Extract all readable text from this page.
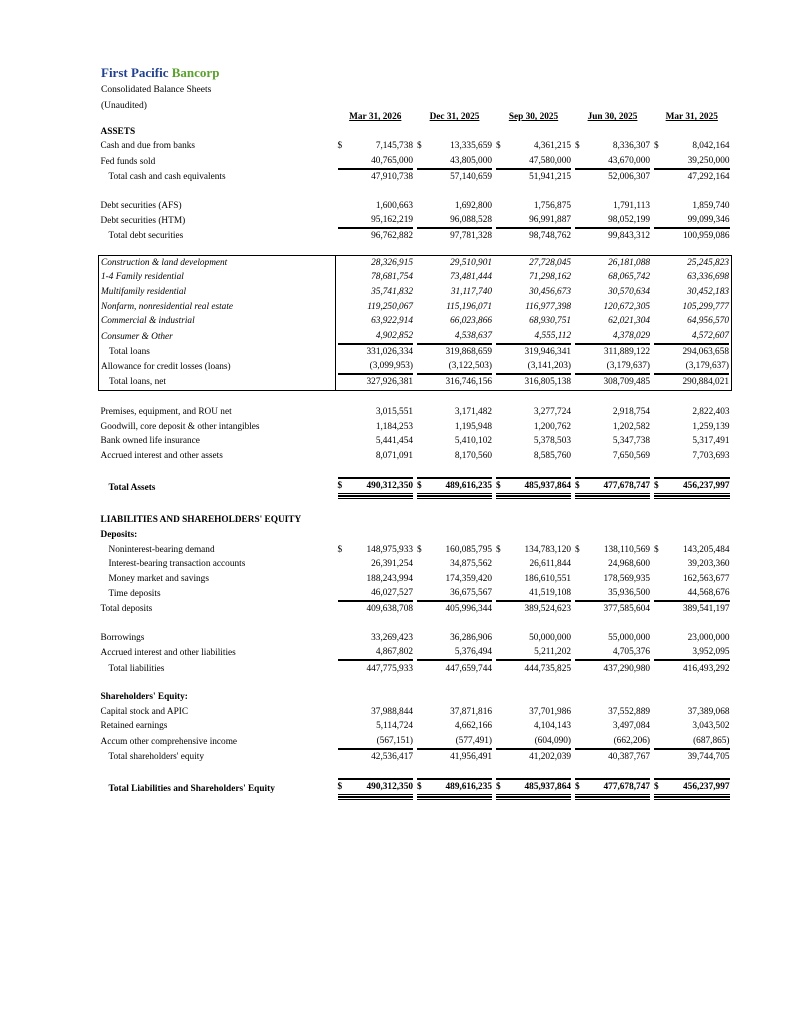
First Pacific Bancorp
Consolidated Balance Sheets
(Unaudited)
	Mar 31, 2026	Dec 31, 2025	Sep 30, 2025	Jun 30, 2025	Mar 31, 2025
ASSETS					
Cash and due from banks	$ 7,145,738	$ 13,335,659	$ 4,361,215	$ 8,336,307	$ 8,042,164
Fed funds sold	40,765,000	43,805,000	47,580,000	43,670,000	39,250,000

Total cash and cash equivalents	47,910,738	57,140,659	51,941,215	52,006,307	47,292,164

Debt securities (AFS)	1,600,663	1,692,800	1,756,875	1,791,113	1,859,740
Debt securities (HTM)	95,162,219	96,088,528	96,991,887	98,052,199	99,099,346

Total debt securities	96,762,882	97,781,328	98,748,762	99,843,312	100,959,086

Construction & land development	28,326,915	29,510,901	27,728,045	26,181,088	25,245,823
1-4 Family residential	78,681,754	73,481,444	71,298,162	68,065,742	63,336,698
Multifamily residential	35,741,832	31,117,740	30,456,673	30,570,634	30,452,183
Nonfarm, nonresidential real estate	119,250,067	115,196,071	116,977,398	120,672,305	105,299,777
Commercial & industrial	63,922,914	66,023,866	68,930,751	62,021,304	64,956,570
Consumer & Other	4,902,852	4,538,637	4,555,112	4,378,029	4,572,607

Total loans	331,026,334	319,868,659	319,946,341	311,889,122	294,063,658
Allowance for credit losses (loans)	(3,099,953)	(3,122,503)	(3,141,203)	(3,179,637)	(3,179,637)

Total loans, net	327,926,381	316,746,156	316,805,138	308,709,485	290,884,021

Premises, equipment, and ROU net	3,015,551	3,171,482	3,277,724	2,918,754	2,822,403
Goodwill, core deposit & other intangibles	1,184,253	1,195,948	1,200,762	1,202,582	1,259,139
Bank owned life insurance	5,441,454	5,410,102	5,378,503	5,347,738	5,317,491
Accrued interest and other assets	8,071,091	8,170,560	8,585,760	7,650,569	7,703,693

Total Assets	$ 490,312,350	$ 489,616,235	$ 485,937,864	$ 477,678,747	$ 456,237,997

LIABILITIES AND SHAREHOLDERS' EQUITY					
Deposits:					
Noninterest-bearing demand	$ 148,975,933	$ 160,085,795	$ 134,783,120	$ 138,110,569	$ 143,205,484
Interest-bearing transaction accounts	26,391,254	34,875,562	26,611,844	24,968,600	39,203,360
Money market and savings	188,243,994	174,359,420	186,610,551	178,569,935	162,563,677
Time deposits	46,027,527	36,675,567	41,519,108	35,936,500	44,568,676

Total deposits	409,638,708	405,996,344	389,524,623	377,585,604	389,541,197

Borrowings	33,269,423	36,286,906	50,000,000	55,000,000	23,000,000
Accrued interest and other liabilities	4,867,802	5,376,494	5,211,202	4,705,376	3,952,095

Total liabilities	447,775,933	447,659,744	444,735,825	437,290,980	416,493,292

Shareholders' Equity:					
Capital stock and APIC	37,988,844	37,871,816	37,701,986	37,552,889	37,389,068
Retained earnings	5,114,724	4,662,166	4,104,143	3,497,084	3,043,502
Accum other comprehensive income	(567,151)	(577,491)	(604,090)	(662,206)	(687,865)

Total shareholders' equity	42,536,417	41,956,491	41,202,039	40,387,767	39,744,705

Total Liabilities and Shareholders' Equity	$ 490,312,350	$ 489,616,235	$ 485,937,864	$ 477,678,747	$ 456,237,997
